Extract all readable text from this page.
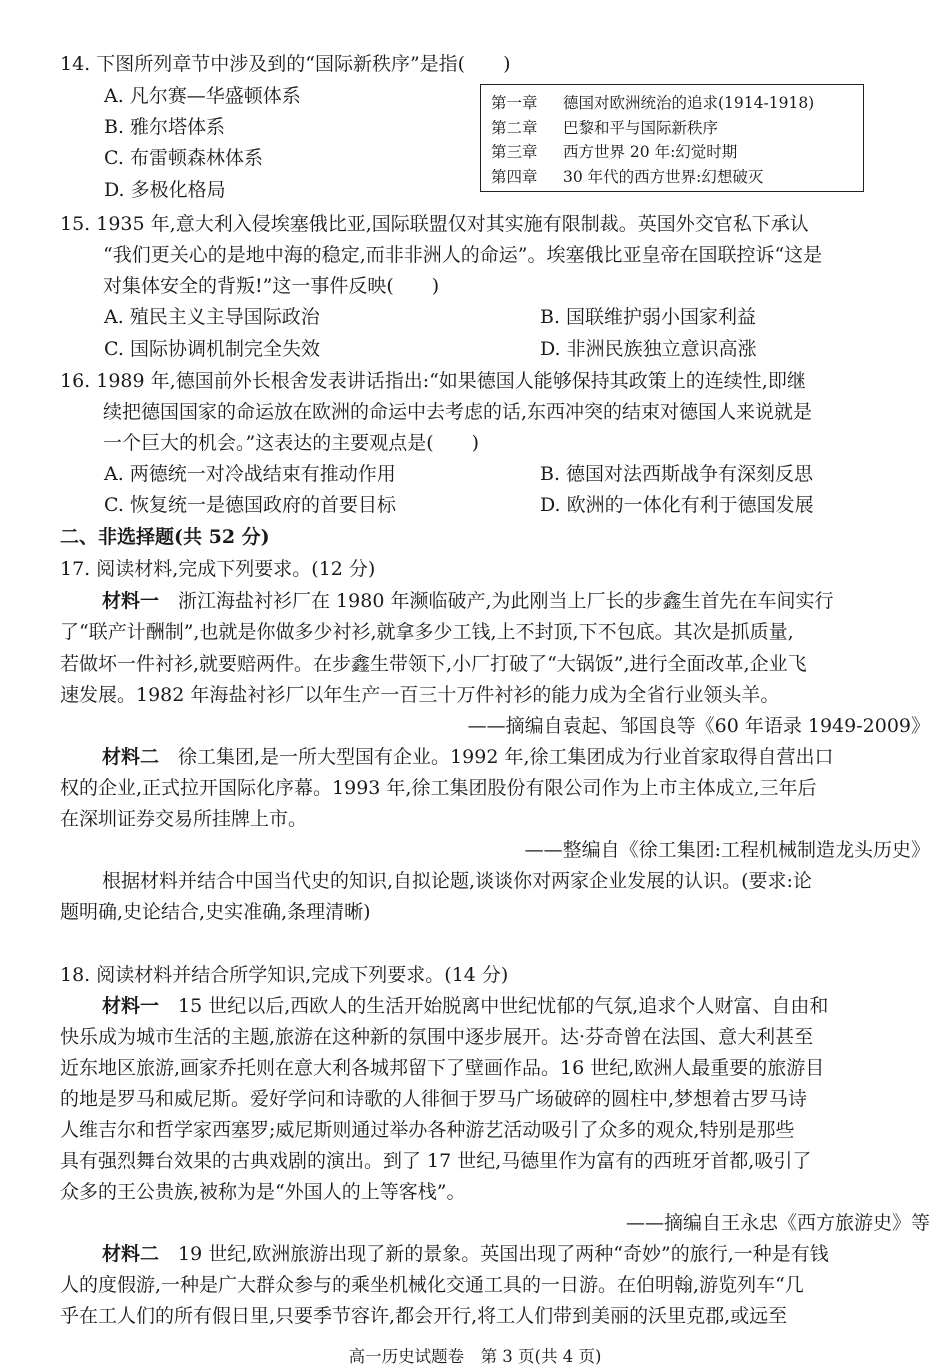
14. 下图所列章节中涉及到的“国际新秩序”是指(　　)
A. 凡尔赛—华盛顿体系
B. 雅尔塔体系
C. 布雷顿森林体系
D. 多极化格局
第一章 德国对欧洲统治的追求(1914-1918)
第二章 巴黎和平与国际新秩序
第三章 西方世界 20 年:幻觉时期
第四章 30 年代的西方世界:幻想破灭
15. 1935 年,意大利入侵埃塞俄比亚,国际联盟仅对其实施有限制裁。英国外交官私下承认
“我们更关心的是地中海的稳定,而非非洲人的命运”。埃塞俄比亚皇帝在国联控诉“这是
对集体安全的背叛!”这一事件反映(　　)
A. 殖民主义主导国际政治	B. 国联维护弱小国家利益
C. 国际协调机制完全失效	D. 非洲民族独立意识高涨
16. 1989 年,德国前外长根舍发表讲话指出:“如果德国人能够保持其政策上的连续性,即继
续把德国国家的命运放在欧洲的命运中去考虑的话,东西冲突的结束对德国人来说就是
一个巨大的机会。”这表达的主要观点是(　　)
A. 两德统一对冷战结束有推动作用	B. 德国对法西斯战争有深刻反思
C. 恢复统一是德国政府的首要目标	D. 欧洲的一体化有利于德国发展
二、非选择题(共 52 分)
17. 阅读材料,完成下列要求。(12 分)
材料一　浙江海盐衬衫厂在 1980 年濒临破产,为此刚当上厂长的步鑫生首先在车间实行
了“联产计酬制”,也就是你做多少衬衫,就拿多少工钱,上不封顶,下不包底。其次是抓质量,
若做坏一件衬衫,就要赔两件。在步鑫生带领下,小厂打破了“大锅饭”,进行全面改革,企业飞
速发展。1982 年海盐衬衫厂以年生产一百三十万件衬衫的能力成为全省行业领头羊。
——摘编自袁起、邹国良等《60 年语录 1949-2009》
材料二　徐工集团,是一所大型国有企业。1992 年,徐工集团成为行业首家取得自营出口
权的企业,正式拉开国际化序幕。1993 年,徐工集团股份有限公司作为上市主体成立,三年后
在深圳证券交易所挂牌上市。
——整编自《徐工集团:工程机械制造龙头历史》
根据材料并结合中国当代史的知识,自拟论题,谈谈你对两家企业发展的认识。(要求:论
题明确,史论结合,史实准确,条理清晰)
18. 阅读材料并结合所学知识,完成下列要求。(14 分)
材料一　15 世纪以后,西欧人的生活开始脱离中世纪忧郁的气氛,追求个人财富、自由和
快乐成为城市生活的主题,旅游在这种新的氛围中逐步展开。达·芬奇曾在法国、意大利甚至
近东地区旅游,画家乔托则在意大利各城邦留下了壁画作品。16 世纪,欧洲人最重要的旅游目
的地是罗马和威尼斯。爱好学问和诗歌的人徘徊于罗马广场破碎的圆柱中,梦想着古罗马诗
人维吉尔和哲学家西塞罗;威尼斯则通过举办各种游艺活动吸引了众多的观众,特别是那些
具有强烈舞台效果的古典戏剧的演出。到了 17 世纪,马德里作为富有的西班牙首都,吸引了
众多的王公贵族,被称为是“外国人的上等客栈”。
——摘编自王永忠《西方旅游史》等
材料二　19 世纪,欧洲旅游出现了新的景象。英国出现了两种“奇妙”的旅行,一种是有钱
人的度假游,一种是广大群众参与的乘坐机械化交通工具的一日游。在伯明翰,游览列车“几
乎在工人们的所有假日里,只要季节容许,都会开行,将工人们带到美丽的沃里克郡,或远至
高一历史试题卷　第 3 页(共 4 页)
